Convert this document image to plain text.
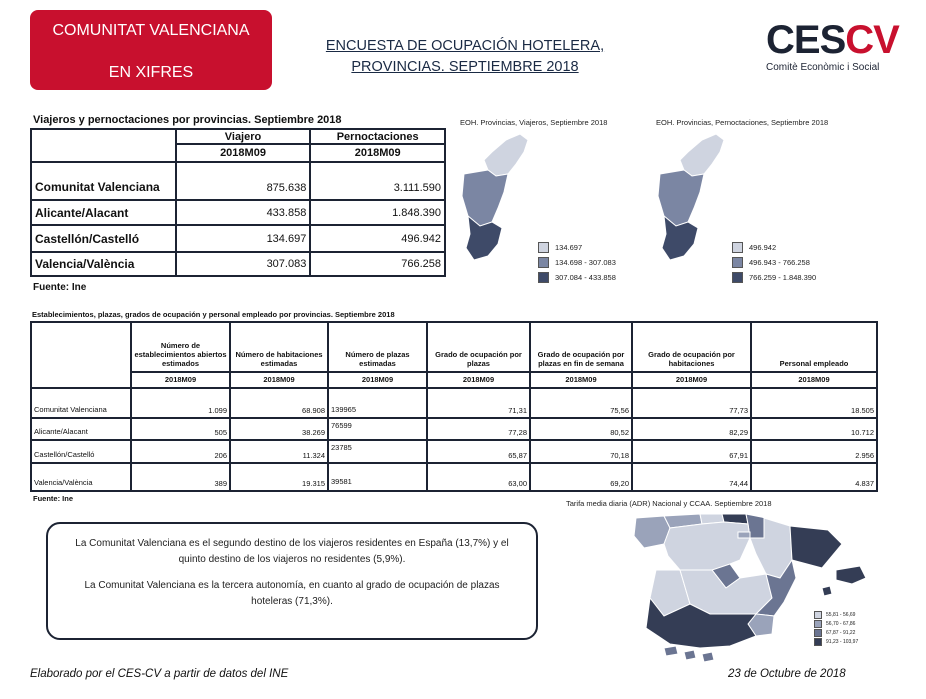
COMUNITAT VALENCIANA
EN XIFRES
ENCUESTA DE OCUPACIÓN HOTELERA,
PROVINCIAS. SEPTIEMBRE 2018
CESCV
Comitè Econòmic i Social
Viajeros y pernoctaciones por provincias. Septiembre 2018
	Viajero	Pernoctaciones
	2018M09	2018M09
Comunitat Valenciana	875.638	3.111.590
Alicante/Alacant	433.858	1.848.390
Castellón/Castelló	134.697	496.942
Valencia/València	307.083	766.258
Fuente: Ine
EOH. Provincias, Viajeros, Septiembre 2018
134.697
134.698 - 307.083
307.084 - 433.858
EOH. Provincias, Pernoctaciones, Septiembre 2018
496.942
496.943 - 766.258
766.259 - 1.848.390
Establecimientos, plazas, grados de ocupación y personal empleado por provincias. Septiembre 2018
	Número de establecimientos abiertos estimados	Número de habitaciones estimadas	Número de plazas estimadas	Grado de ocupación por plazas	Grado de ocupación por plazas en fin de semana	Grado de ocupación por habitaciones	Personal empleado
	2018M09	2018M09	2018M09	2018M09	2018M09	2018M09	2018M09
Comunitat Valenciana	1.099	68.908	139965	71,31	75,56	77,73	18.505
Alicante/Alacant	505	38.269	76599	77,28	80,52	82,29	10.712
Castellón/Castelló	206	11.324	23785	65,87	70,18	67,91	2.956
Valencia/València	389	19.315	39581	63,00	69,20	74,44	4.837
Fuente: Ine

La Comunitat Valenciana es el segundo destino de los viajeros residentes en España (13,7%) y el quinto destino de los viajeros no residentes (5,9%).

La Comunitat Valenciana es la tercera autonomía, en cuanto al grado de ocupación de plazas hoteleras (71,3%).

Tarifa media diaria (ADR) Nacional y CCAA. Septiembre 2018
55,81 - 56,69
56,70 - 67,86
67,87 - 91,22
91,23 - 103,97
Elaborado por el CES-CV a partir de datos del INE	23 de Octubre de 2018
